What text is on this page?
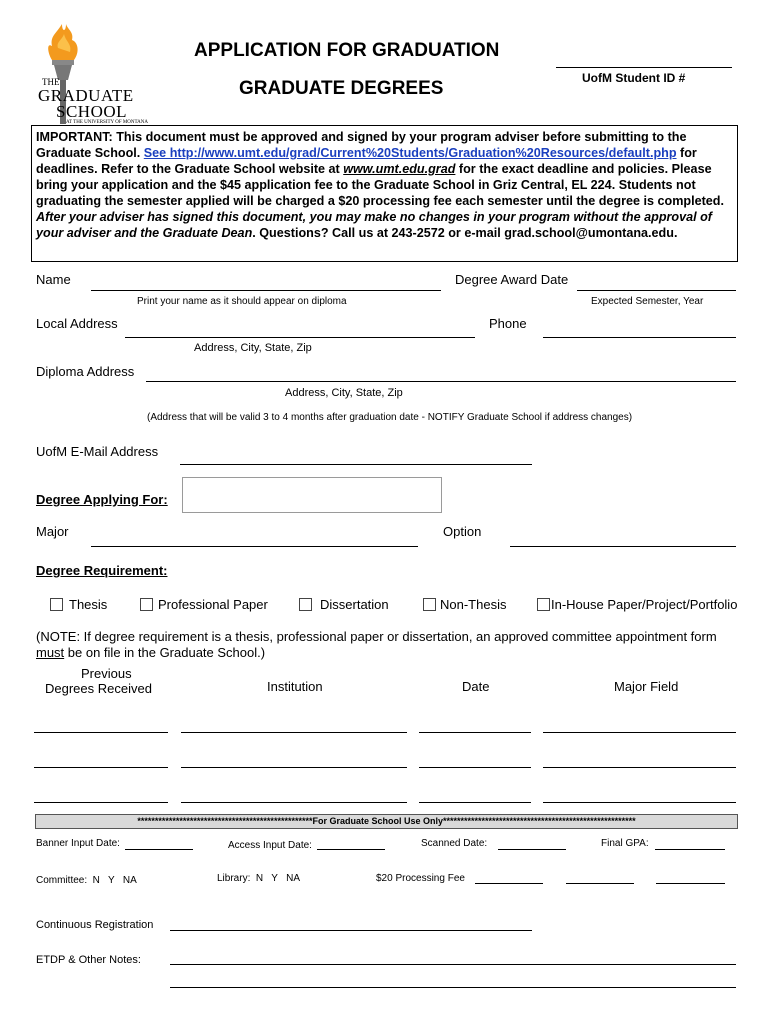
THE
GRADUATE
SCHOOL
AT THE UNIVERSITY OF MONTANA
APPLICATION FOR GRADUATION
GRADUATE DEGREES	UofM Student ID #
IMPORTANT: This document must be approved and signed by your program adviser before submitting to the Graduate School. See http://www.umt.edu/grad/Current%20Students/Graduation%20Resources/default.php for deadlines. Refer to the Graduate School website at www.umt.edu.grad for the exact deadline and policies. Please bring your application and the $45 application fee to the Graduate School in Griz Central, EL 224. Students not graduating the semester applied will be charged a $20 processing fee each semester until the degree is completed. After your adviser has signed this document, you may make no changes in your program without the approval of your adviser and the Graduate Dean. Questions? Call us at 243-2572 or e-mail grad.school@umontana.edu.
Name
Print your name as it should appear on diploma
Degree Award Date
Expected Semester, Year
Local Address
Address, City, State, Zip
Phone
Diploma Address
Address, City, State, Zip
(Address that will be valid 3 to 4 months after graduation date - NOTIFY Graduate School if address changes)
UofM E-Mail Address
Degree Applying For:
Major	Option
Degree Requirement:
Thesis	Professional Paper	Dissertation	Non-Thesis	In-House Paper/Project/Portfolio
(NOTE: If degree requirement is a thesis, professional paper or dissertation, an approved committee appointment form must be on file in the Graduate School.)
Previous
Degrees Received	Institution	Date	Major Field
**************************************************For Graduate School Use Only*******************************************************
Banner Input Date:	Access Input Date:	Scanned Date:	Final GPA:
Committee:  N   Y   NA	Library:  N   Y   NA	$20 Processing Fee
Continuous Registration
ETDP & Other Notes:
